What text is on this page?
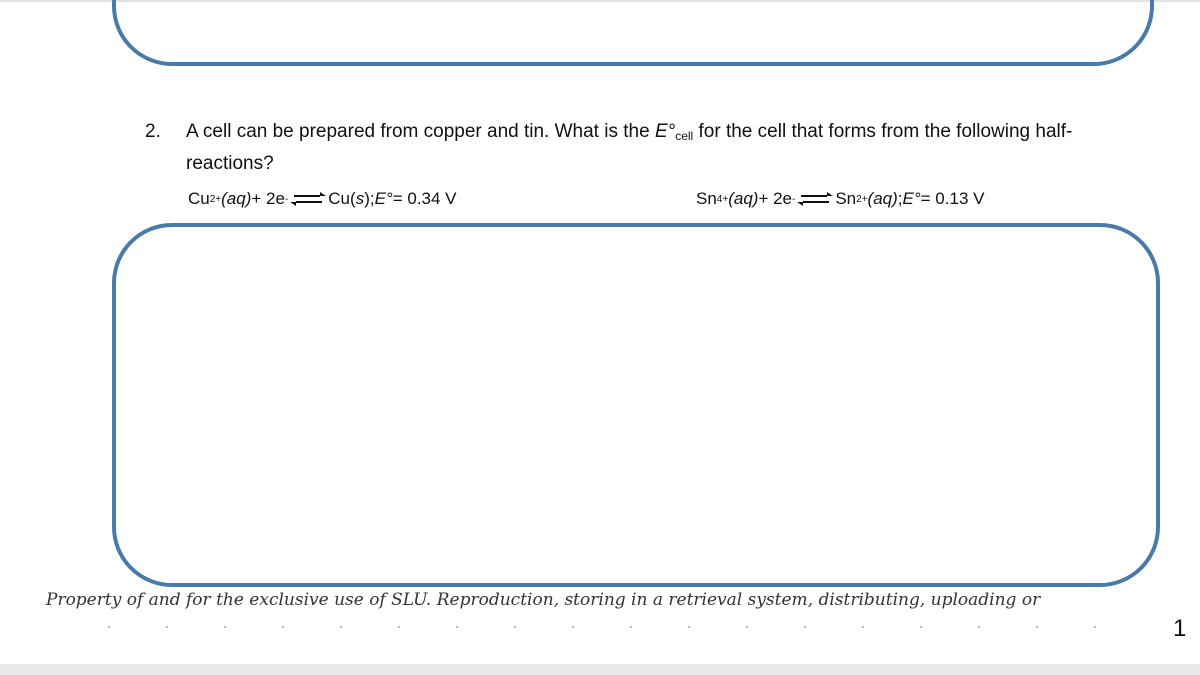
2. A cell can be prepared from copper and tin. What is the $E^\circ_{cell}$ for the cell that forms from the following half-reactions?
Cu 2+ (aq) + 2e - ⇌ Cu( s ); E° = 0.34 V	Sn 4+ (aq) + 2e - ⇌ Sn 2+ (aq) ; E° = 0.13 V
Property of and for the exclusive use of SLU. Reproduction, storing in a retrieval system, distributing, uploading or
1
